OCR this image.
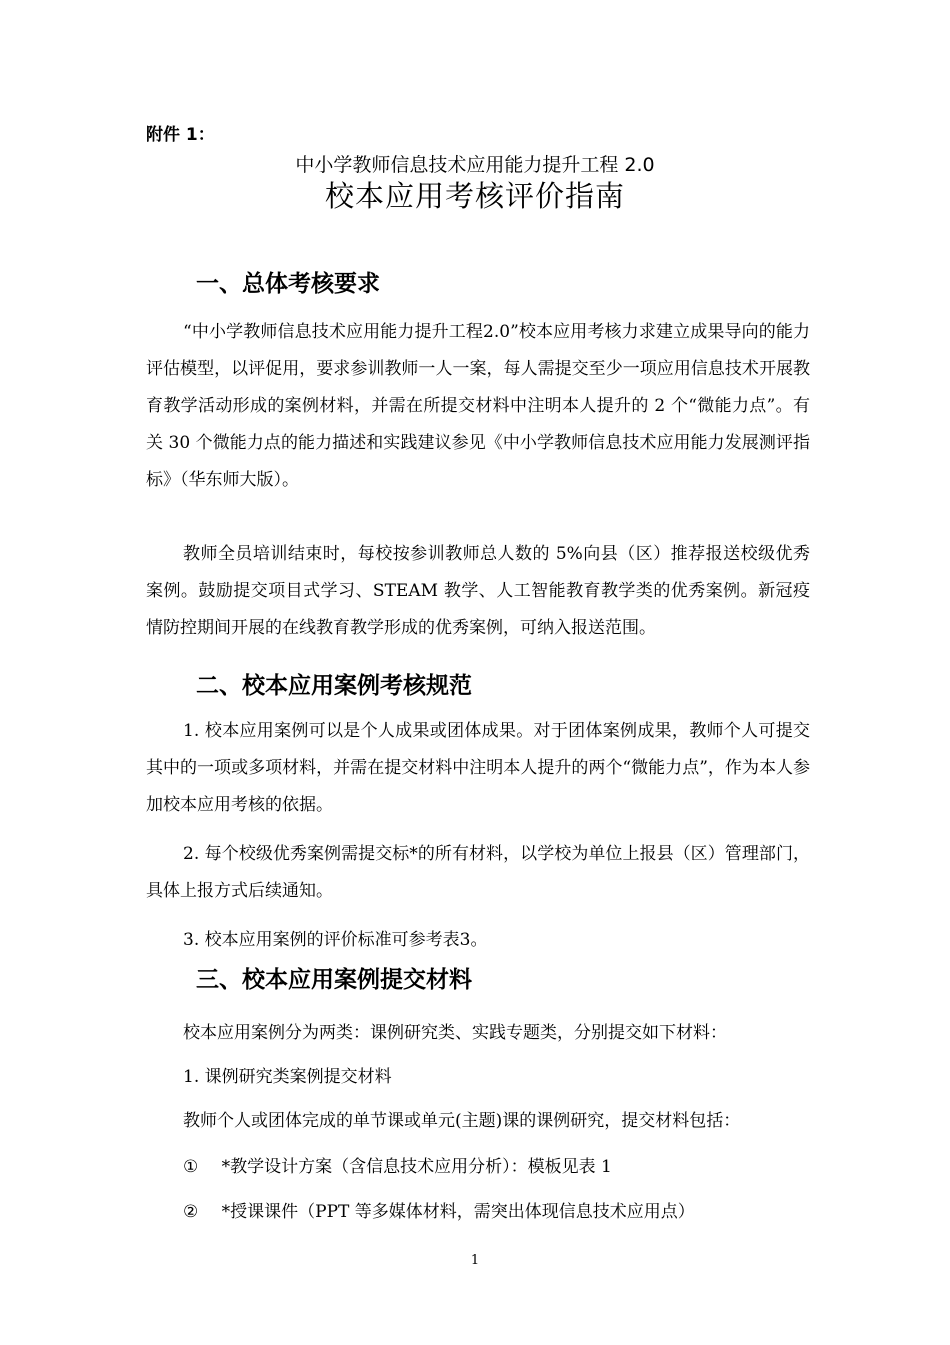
附件 1：
中小学教师信息技术应用能力提升工程 2.0
校本应用考核评价指南
一、总体考核要求
“中小学教师信息技术应用能力提升工程2.0”校本应用考核力求建立成果导向的能力评估模型，以评促用，要求参训教师一人一案，每人需提交至少一项应用信息技术开展教育教学活动形成的案例材料，并需在所提交材料中注明本人提升的 2 个“微能力点”。有关 30 个微能力点的能力描述和实践建议参见《中小学教师信息技术应用能力发展测评指标》（华东师大版）。
教师全员培训结束时，每校按参训教师总人数的 5%向县（区）推荐报送校级优秀案例。鼓励提交项目式学习、STEAM 教学、人工智能教育教学类的优秀案例。新冠疫情防控期间开展的在线教育教学形成的优秀案例，可纳入报送范围。
二、校本应用案例考核规范
1. 校本应用案例可以是个人成果或团体成果。对于团体案例成果，教师个人可提交其中的一项或多项材料，并需在提交材料中注明本人提升的两个“微能力点”，作为本人参加校本应用考核的依据。
2. 每个校级优秀案例需提交标*的所有材料，以学校为单位上报县（区）管理部门，具体上报方式后续通知。
3. 校本应用案例的评价标准可参考表3。
三、校本应用案例提交材料
校本应用案例分为两类：课例研究类、实践专题类，分别提交如下材料：
1. 课例研究类案例提交材料
教师个人或团体完成的单节课或单元(主题)课的课例研究，提交材料包括：
① *教学设计方案（含信息技术应用分析）：模板见表 1
② *授课课件（PPT 等多媒体材料，需突出体现信息技术应用点）
1
